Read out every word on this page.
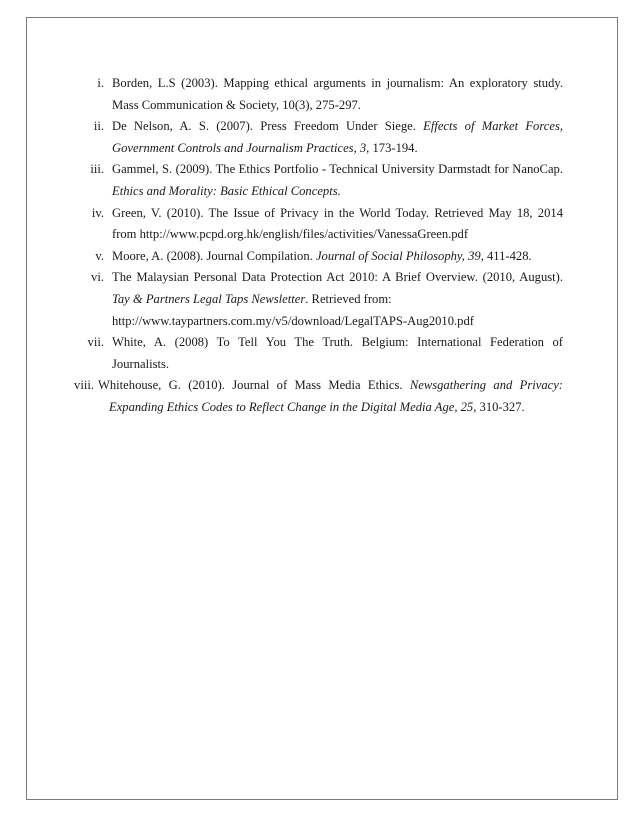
i. Borden, L.S (2003). Mapping ethical arguments in journalism: An exploratory study.
Mass Communication & Society, 10(3), 275-297.
ii. De Nelson, A. S. (2007). Press Freedom Under Siege. Effects of Market Forces,
Government Controls and Journalism Practices, 3, 173-194.
iii. Gammel, S. (2009). The Ethics Portfolio - Technical University Darmstadt for NanoCap.
Ethics and Morality: Basic Ethical Concepts.
iv. Green, V. (2010). The Issue of Privacy in the World Today. Retrieved May 18, 2014
from http://www.pcpd.org.hk/english/files/activities/VanessaGreen.pdf
v. Moore, A. (2008). Journal Compilation. Journal of Social Philosophy, 39, 411-428.
vi. The Malaysian Personal Data Protection Act 2010: A Brief Overview. (2010, August).
Tay & Partners Legal Taps Newsletter. Retrieved from:
http://www.taypartners.com.my/v5/download/LegalTAPS-Aug2010.pdf
vii. White, A. (2008) To Tell You The Truth. Belgium: International Federation of
Journalists.
viii. Whitehouse, G. (2010). Journal of Mass Media Ethics. Newsgathering and Privacy:
Expanding Ethics Codes to Reflect Change in the Digital Media Age, 25, 310-327.
